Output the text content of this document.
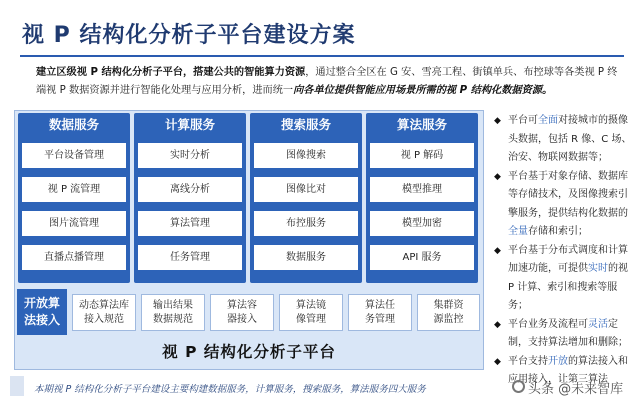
视 P 结构化分析子平台建设方案
建立区级视 P 结构化分析子平台，搭建公共的智能算力资源，通过整合全区在 G 安、雪亮工程、街镇单兵、布控球等各类视 P 终端视 P 数据资源并进行智能化处理与应用分析，进而统一向各单位提供智能应用场景所需的视 P 结构化数据资源。
数据服务
平台设备管理
视 P 流管理
图片流管理
直播点播管理
计算服务
实时分析
离线分析
算法管理
任务管理
搜索服务
图像搜索
图像比对
布控服务
数据服务
算法服务
视 P 解码
模型推理
模型加密
API 服务
开放算
法接入
动态算法库
接入规范
输出结果
数据规范
算法容
器接入
算法镜
像管理
算法任
务管理
集群资
源监控
视 P 结构化分析子平台
◆ 平台可全面对接城市的摄像头数据，包括 R 像、C 场、治安、物联网数据等；
◆ 平台基于对象存储、数据库等存储技术，及图像搜索引擎服务，提供结构化数据的全量存储和索引；
◆ 平台基于分布式调度和计算加速功能，可提供实时的视 P 计算、索引和搜索等服务；
◆ 平台业务及流程可灵活定制，支持算法增加和删除；
◆ 平台支持开放的算法接入和应用接入，让第三算法
本期视 P 结构化分析子平台建设主要构建数据服务，计算服务，搜索服务，算法服务四大服务	头条 @未来智库
